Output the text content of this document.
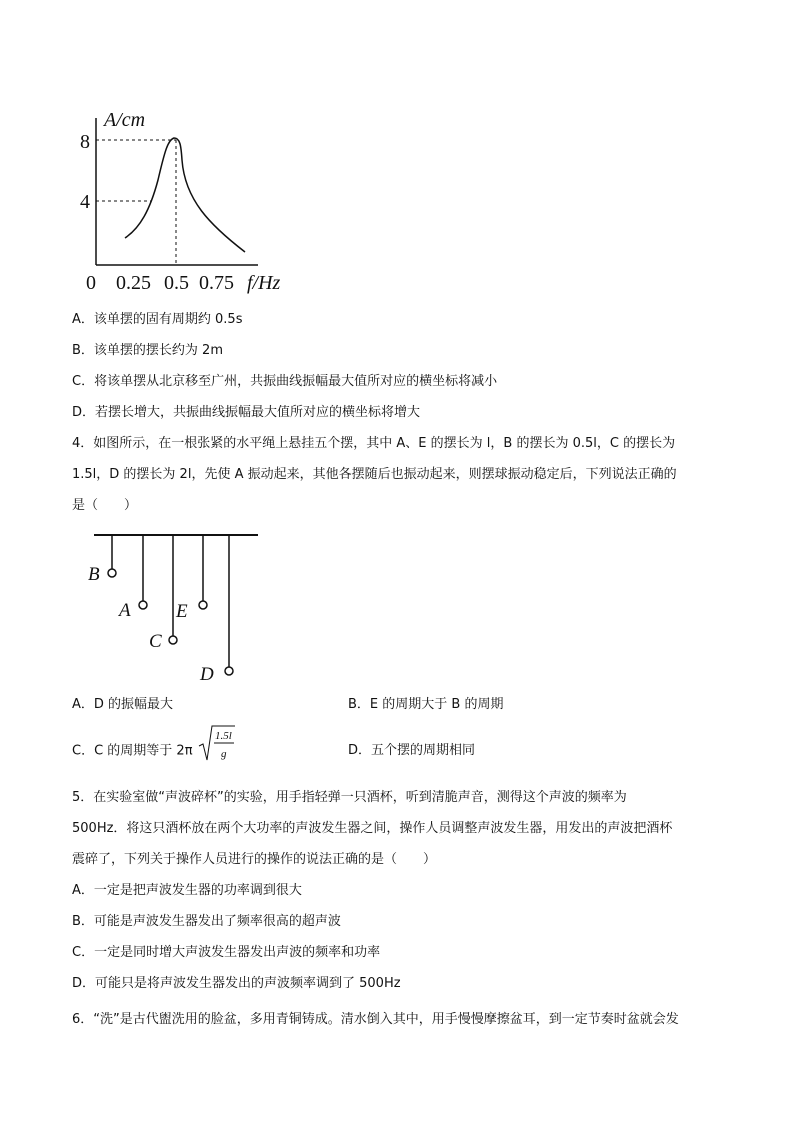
A/cm
8
4
0 0.25 0.5 0.75 f/Hz
A．该单摆的固有周期约 0.5s
B．该单摆的摆长约为 2m
C．将该单摆从北京移至广州，共振曲线振幅最大值所对应的横坐标将减小
D．若摆长增大，共振曲线振幅最大值所对应的横坐标将增大
4．如图所示，在一根张紧的水平绳上悬挂五个摆，其中 A、E 的摆长为 l，B 的摆长为 0.5l，C 的摆长为
1.5l，D 的摆长为 2l，先使 A 振动起来，其他各摆随后也振动起来，则摆球振动稳定后，下列说法正确的
是（　　）
B
A E
C
D
A．D 的振幅最大	B．E 的周期大于 B 的周期
C．C 的周期等于 2π
1.5l
g	D．五个摆的周期相同
5．在实验室做“声波碎杯”的实验，用手指轻弹一只酒杯，听到清脆声音，测得这个声波的频率为
500Hz．将这只酒杯放在两个大功率的声波发生器之间，操作人员调整声波发生器，用发出的声波把酒杯
震碎了，下列关于操作人员进行的操作的说法正确的是（　　）
A．一定是把声波发生器的功率调到很大
B．可能是声波发生器发出了频率很高的超声波
C．一定是同时增大声波发生器发出声波的频率和功率
D．可能只是将声波发生器发出的声波频率调到了 500Hz
6．“洗”是古代盥洗用的脸盆，多用青铜铸成。清水倒入其中，用手慢慢摩擦盆耳，到一定节奏时盆就会发
